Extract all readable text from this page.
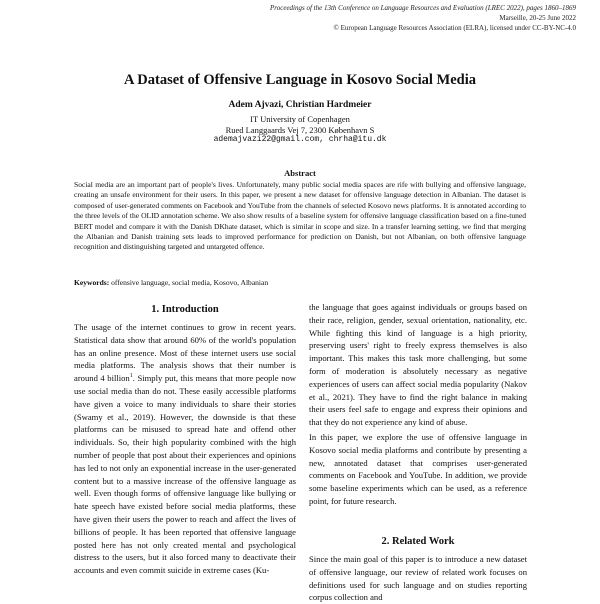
Proceedings of the 13th Conference on Language Resources and Evaluation (LREC 2022), pages 1860–1869
Marseille, 20-25 June 2022
© European Language Resources Association (ELRA), licensed under CC-BY-NC-4.0
A Dataset of Offensive Language in Kosovo Social Media
Adem Ajvazi, Christian Hardmeier
IT University of Copenhagen
Rued Langgaards Vej 7, 2300 København S
ademajvazi22@gmail.com, chrha@itu.dk
Abstract

Social media are an important part of people's lives. Unfortunately, many public social media spaces are rife with bullying and offensive language, creating an unsafe environment for their users. In this paper, we present a new dataset for offensive language detection in Albanian. The dataset is composed of user-generated comments on Facebook and YouTube from the channels of selected Kosovo news platforms. It is annotated according to the three levels of the OLID annotation scheme. We also show results of a baseline system for offensive language classification based on a fine-tuned BERT model and compare it with the Danish DKhate dataset, which is similar in scope and size. In a transfer learning setting, we find that merging the Albanian and Danish training sets leads to improved performance for prediction on Danish, but not Albanian, on both offensive language recognition and distinguishing targeted and untargeted offence.

Keywords: offensive language, social media, Kosovo, Albanian

1. Introduction

The usage of the internet continues to grow in recent years. Statistical data show that around 60% of the world's population has an online presence. Most of these internet users use social media platforms. The analysis shows that their number is around 4 billion$^1$. Simply put, this means that more people now use social media than do not. These easily accessible platforms have given a voice to many individuals to share their stories (Swamy et al., 2019). However, the downside is that these platforms can be misused to spread hate and offend other individuals. So, their high popularity combined with the high number of people that post about their experiences and opinions has led to not only an exponential increase in the user-generated content but to a massive increase of the offensive language as well. Even though forms of offensive language like bullying or hate speech have existed before social media platforms, these have given their users the power to reach and affect the lives of billions of people. It has been reported that offensive language posted here has not only created mental and psychological distress to the users, but it also forced many to deactivate their accounts and even commit suicide in extreme cases (Ku-

the language that goes against individuals or groups based on their race, religion, gender, sexual orientation, nationality, etc. While fighting this kind of language is a high priority, preserving users' right to freely express themselves is also important. This makes this task more challenging, but some form of moderation is absolutely necessary as negative experiences of users can affect social media popularity (Nakov et al., 2021). They have to find the right balance in making their users feel safe to engage and express their opinions and that they do not experience any kind of abuse.

In this paper, we explore the use of offensive language in Kosovo social media platforms and contribute by presenting a new, annotated dataset that comprises user-generated comments on Facebook and YouTube. In addition, we provide some baseline experiments which can be used, as a reference point, for future research.

2. Related Work

Since the main goal of this paper is to introduce a new dataset of offensive language, our review of related work focuses on definitions used for such language and on studies reporting corpus collection and
